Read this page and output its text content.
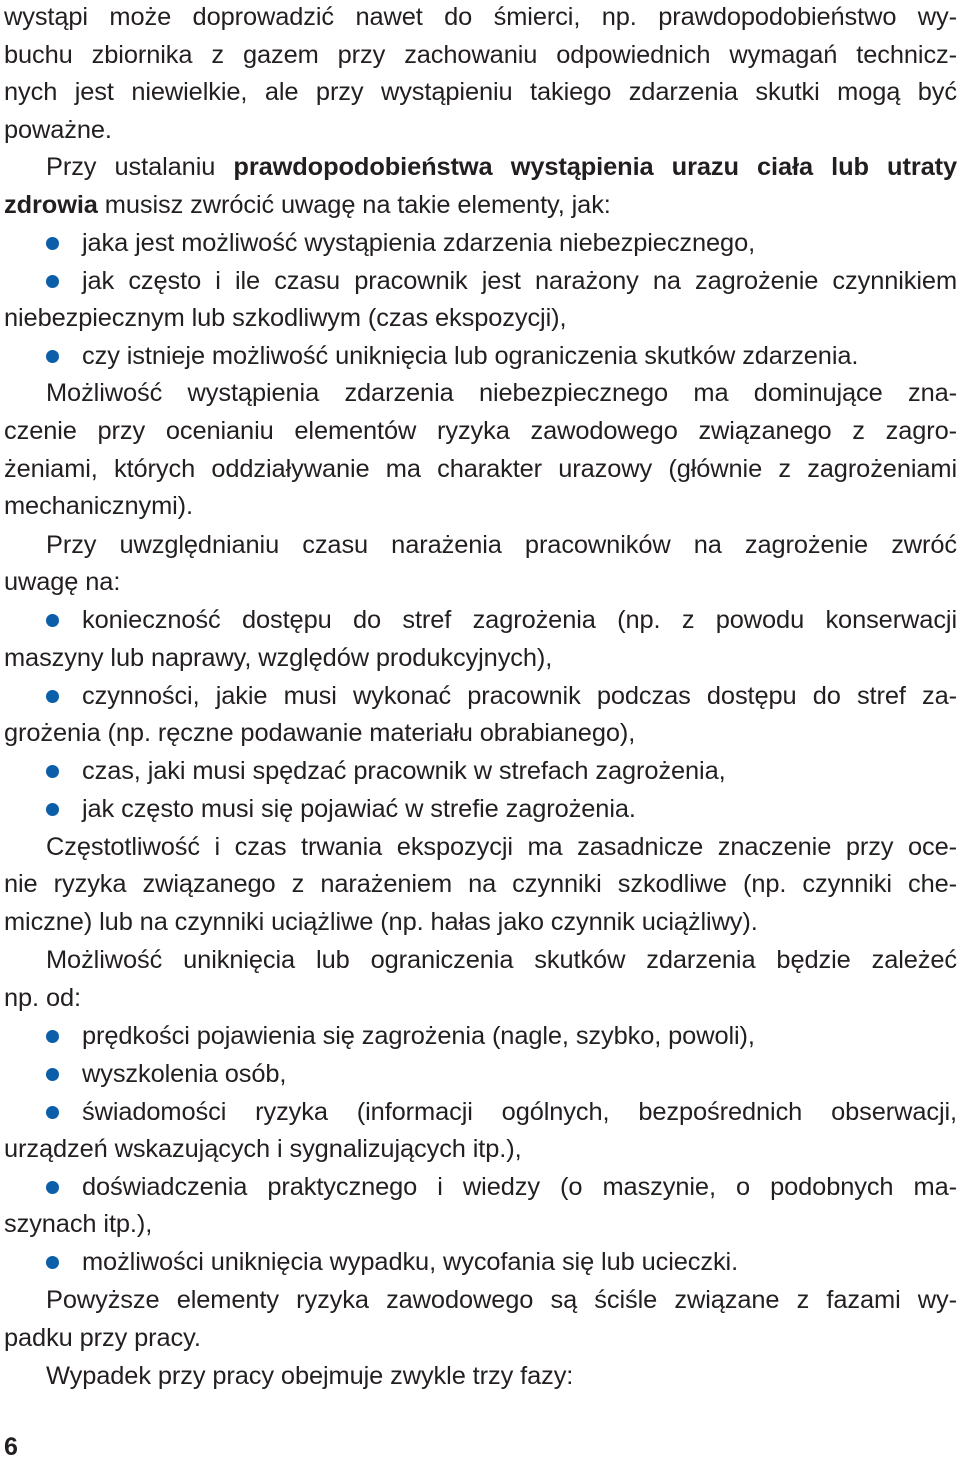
wystąpi może doprowadzić nawet do śmierci, np. prawdopodobieństwo wy-
buchu zbiornika z gazem przy zachowaniu odpowiednich wymagań technicz-
nych jest niewielkie, ale przy wystąpieniu takiego zdarzenia skutki mogą być
poważne.
Przy ustalaniu prawdopodobieństwa wystąpienia urazu ciała lub utraty
zdrowia musisz zwrócić uwagę na takie elementy, jak:
jaka jest możliwość wystąpienia zdarzenia niebezpiecznego,
jak często i ile czasu pracownik jest narażony na zagrożenie czynnikiem
niebezpiecznym lub szkodliwym (czas ekspozycji),
czy istnieje możliwość uniknięcia lub ograniczenia skutków zdarzenia.
Możliwość wystąpienia zdarzenia niebezpiecznego ma dominujące zna-
czenie przy ocenianiu elementów ryzyka zawodowego związanego z zagro-
żeniami, których oddziaływanie ma charakter urazowy (głównie z zagrożeniami
mechanicznymi).
Przy uwzględnianiu czasu narażenia pracowników na zagrożenie zwróć
uwagę na:
konieczność dostępu do stref zagrożenia (np. z powodu konserwacji
maszyny lub naprawy, względów produkcyjnych),
czynności, jakie musi wykonać pracownik podczas dostępu do stref za-
grożenia (np. ręczne podawanie materiału obrabianego),
czas, jaki musi spędzać pracownik w strefach zagrożenia,
jak często musi się pojawiać w strefie zagrożenia.
Częstotliwość i czas trwania ekspozycji ma zasadnicze znaczenie przy oce-
nie ryzyka związanego z narażeniem na czynniki szkodliwe (np. czynniki che-
miczne) lub na czynniki uciążliwe (np. hałas jako czynnik uciążliwy).
Możliwość uniknięcia lub ograniczenia skutków zdarzenia będzie zależeć
np. od:
prędkości pojawienia się zagrożenia (nagle, szybko, powoli),
wyszkolenia osób,
świadomości ryzyka (informacji ogólnych, bezpośrednich obserwacji,
urządzeń wskazujących i sygnalizujących itp.),
doświadczenia praktycznego i wiedzy (o maszynie, o podobnych ma-
szynach itp.),
możliwości uniknięcia wypadku, wycofania się lub ucieczki.
Powyższe elementy ryzyka zawodowego są ściśle związane z fazami wy-
padku przy pracy.
Wypadek przy pracy obejmuje zwykle trzy fazy:
6
